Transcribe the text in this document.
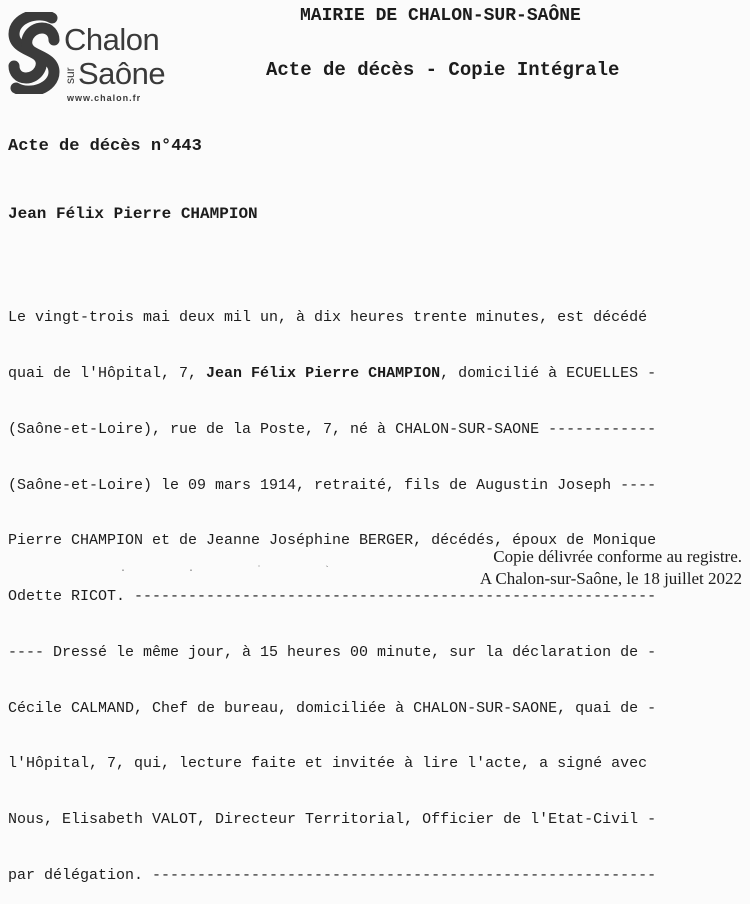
Chalon
sur Saône
www.chalon.fr
MAIRIE DE CHALON-SUR-SAÔNE
Acte de décès - Copie Intégrale
Acte de décès n°443
Jean Félix Pierre CHAMPION

Le vingt-trois mai deux mil un, à dix heures trente minutes, est décédé

quai de l'Hôpital, 7, Jean Félix Pierre CHAMPION, domicilié à ECUELLES -

(Saône-et-Loire), rue de la Poste, 7, né à CHALON-SUR-SAONE ------------

(Saône-et-Loire) le 09 mars 1914, retraité, fils de Augustin Joseph ----

Pierre CHAMPION et de Jeanne Joséphine BERGER, décédés, époux de Monique

Odette RICOT. ----------------------------------------------------------

---- Dressé le même jour, à 15 heures 00 minute, sur la déclaration de -

Cécile CALMAND, Chef de bureau, domiciliée à CHALON-SUR-SAONE, quai de -

l'Hôpital, 7, qui, lecture faite et invitée à lire l'acte, a signé avec

Nous, Elisabeth VALOT, Directeur Territorial, Officier de l'Etat-Civil -

par délégation. --------------------------------------------------------

· · ˙ `
Copie délivrée conforme au registre.
A Chalon-sur-Saône, le 18 juillet 2022
